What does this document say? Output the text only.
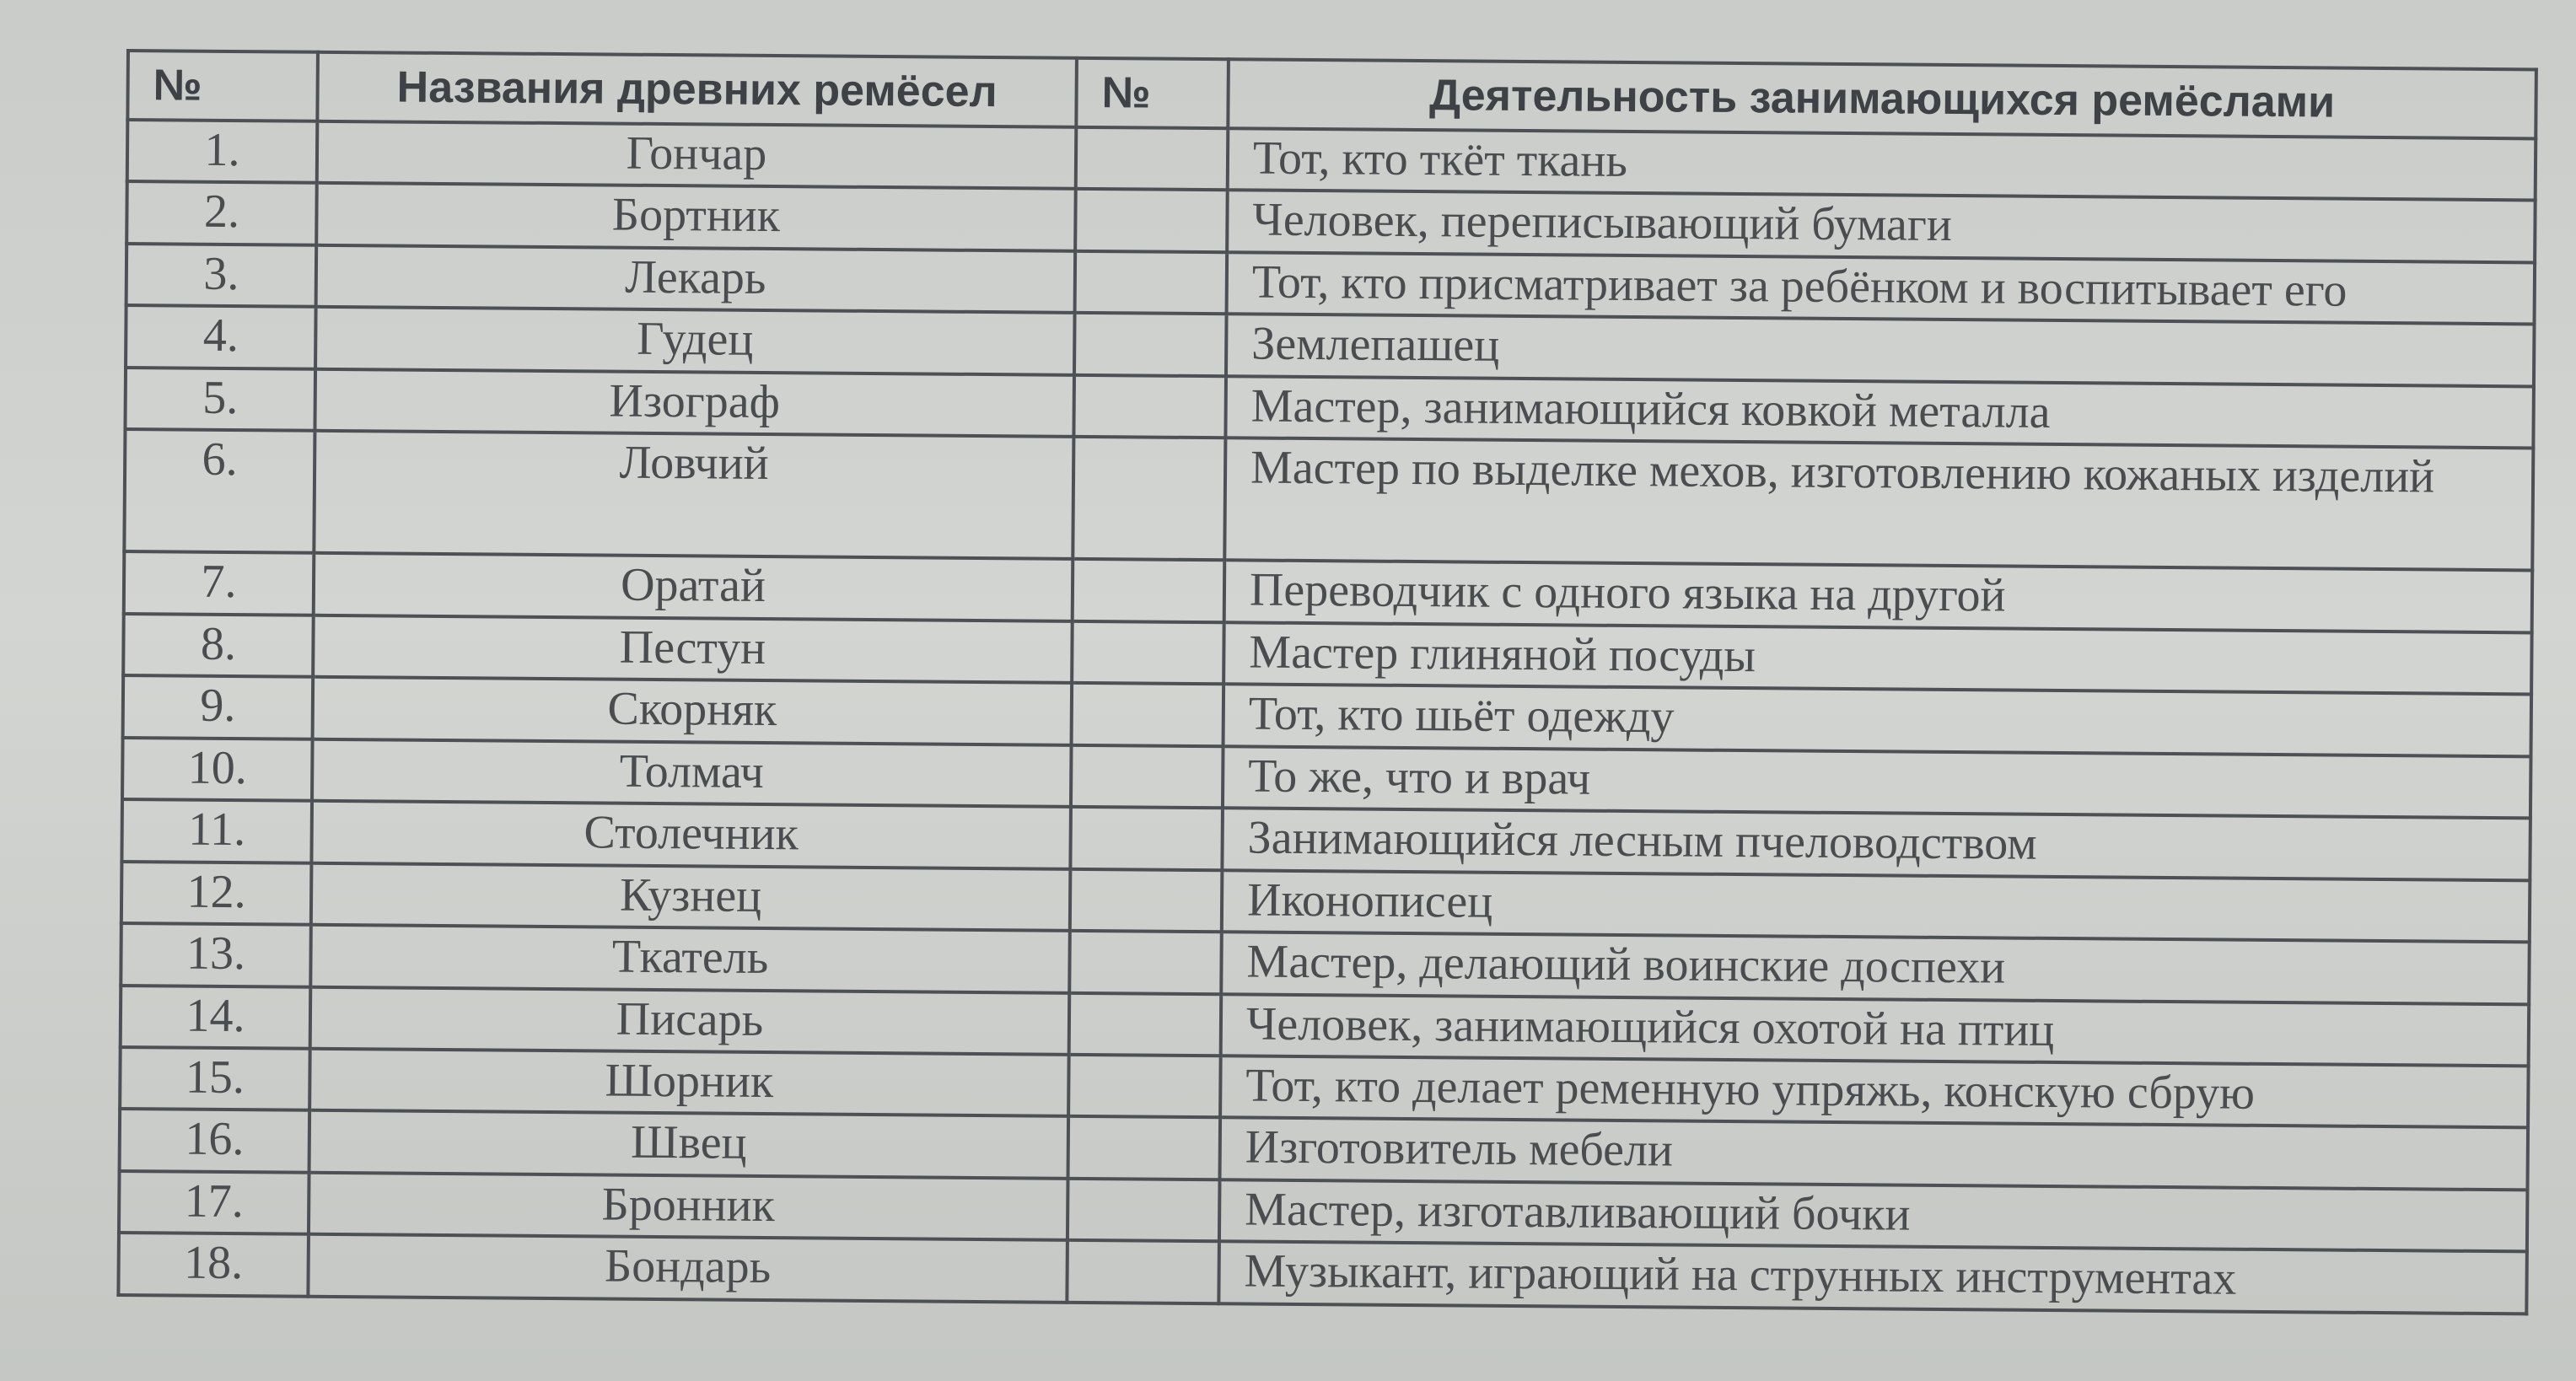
№	Названия древних ремёсел	№	Деятельность занимающихся ремёслами
1.	Гончар		Тот, кто ткёт ткань
2.	Бортник		Человек, переписывающий бумаги
3.	Лекарь		Тот, кто присматривает за ребёнком и воспитывает его
4.	Гудец		Землепашец
5.	Изограф		Мастер, занимающийся ковкой металла
6.	Ловчий		Мастер по выделке мехов, изготовлению кожаных изделий
7.	Оратай		Переводчик с одного языка на другой
8.	Пестун		Мастер глиняной посуды
9.	Скорняк		Тот, кто шьёт одежду
10.	Толмач		То же, что и врач
11.	Столечник		Занимающийся лесным пчеловодством
12.	Кузнец		Иконописец
13.	Ткатель		Мастер, делающий воинские доспехи
14.	Писарь		Человек, занимающийся охотой на птиц
15.	Шорник		Тот, кто делает ременную упряжь, конскую сбрую
16.	Швец		Изготовитель мебели
17.	Бронник		Мастер, изготавливающий бочки
18.	Бондарь		Музыкант, играющий на струнных инструментах
